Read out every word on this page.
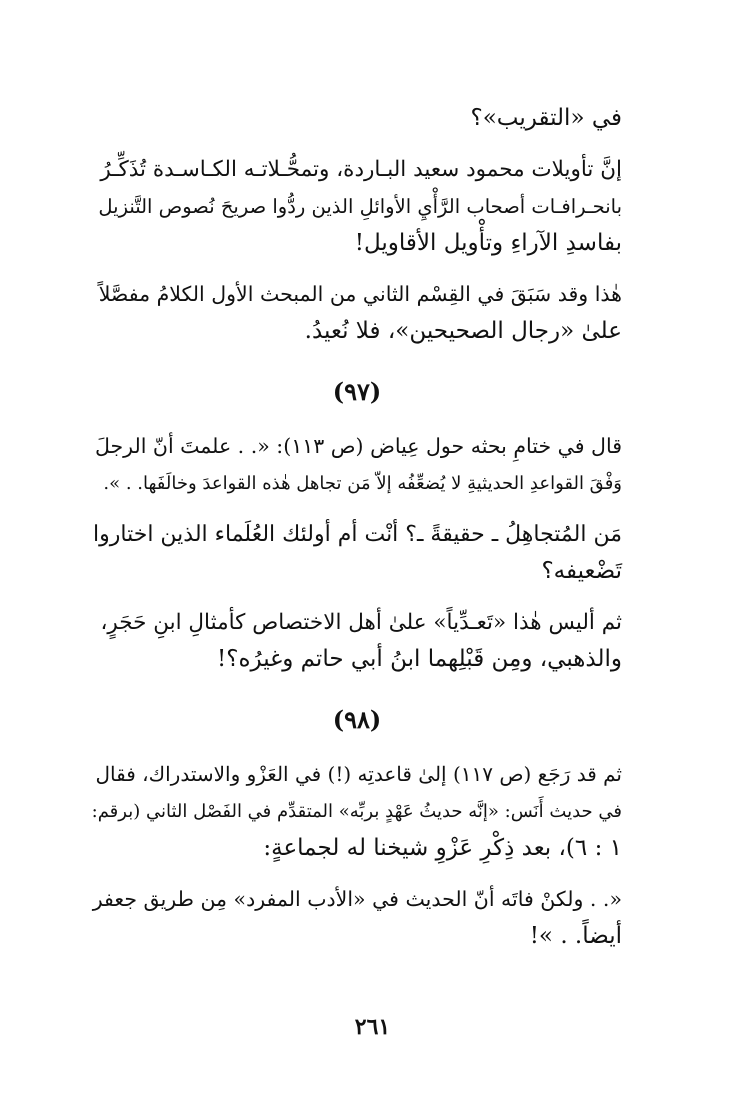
في «التقريب»؟
إنَّ تأويلات محمود سعيد البـاردة، وتمحُّـلاتـه الكـاسـدة تُذَكِّـرُ
بانحـرافـات أصحاب الرَّأْيِ الأوائلِ الذين ردُّوا صريحَ نُصوص التَّنزيل
بفاسدِ الآراءِ وتأْويل الأقاويل!
هٰذا وقد سَبَقَ في القِسْم الثاني من المبحث الأول الكلامُ مفصَّلاً
علىٰ «رجال الصحيحين»، فلا نُعيدُ.
(٩٧)
قال في ختامِ بحثه حول عِياض (ص ١١٣): «. . علمتَ أنّ الرجلَ
وَفْقَ القواعدِ الحديثيةِ لا يُضعِّفُه إلاّ مَن تجاهل هٰذه القواعدَ وخالَفَها. . ».
مَن المُتجاهِلُ ـ حقيقةً ـ؟ أنْت أم أولئك العُلَماء الذين اختاروا
تَضْعيفه؟
ثم أليس هٰذا «تَعـدِّياً» علىٰ أهل الاختصاص كأمثالِ ابنِ حَجَرٍ،
والذهبي، ومِن قَبْلِهما ابنُ أبي حاتم وغيرُه؟!
(٩٨)
ثم قد رَجَع (ص ١١٧) إلىٰ قاعدتِه (!) في العَزْو والاستدراك، فقال
في حديث أَنَس: «إنَّه حديثُ عَهْدٍ بربِّه» المتقدِّم في الفَصْل الثاني (برقم:
١ : ٦)، بعد ذِكْرِ عَزْوِ شيخنا له لجماعةٍ:
«. . ولكنْ فاتَه أنّ الحديث في «الأدب المفرد» مِن طريق جعفر
أيضاً. . »!
٢٦١
